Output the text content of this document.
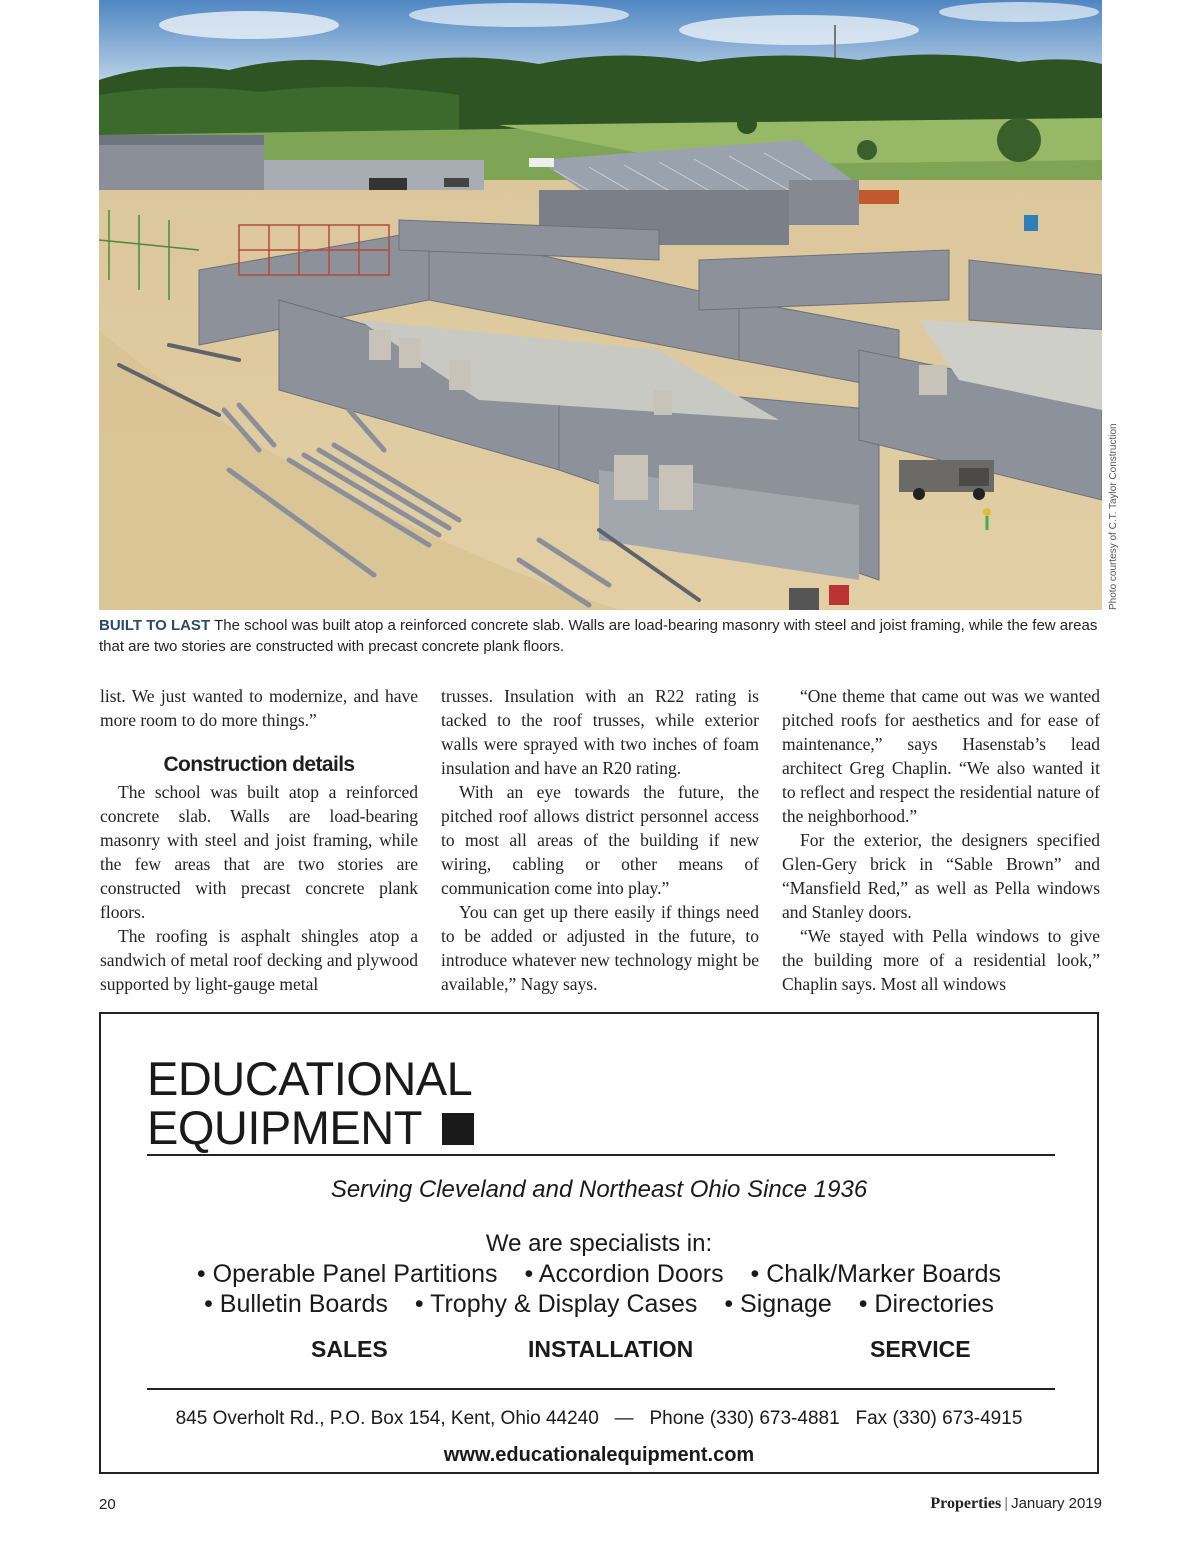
Photo courtesy of C.T. Taylor Construction
BUILT TO LAST The school was built atop a reinforced concrete slab. Walls are load-bearing masonry with steel and joist framing, while the few areas that are two stories are constructed with precast concrete plank floors.

list. We just wanted to modernize, and have more room to do more things.”

Construction details

The school was built atop a reinforced concrete slab. Walls are load-bearing masonry with steel and joist framing, while the few areas that are two stories are constructed with precast concrete plank floors.

The roofing is asphalt shingles atop a sandwich of metal roof decking and plywood supported by light-gauge metal

trusses. Insulation with an R22 rating is tacked to the roof trusses, while exterior walls were sprayed with two inches of foam insulation and have an R20 rating.

With an eye towards the future, the pitched roof allows district personnel access to most all areas of the building if new wiring, cabling or other means of communication come into play.”

You can get up there easily if things need to be added or adjusted in the future, to introduce whatever new technology might be available,” Nagy says.

“One theme that came out was we wanted pitched roofs for aesthetics and for ease of maintenance,” says Hasenstab’s lead architect Greg Chaplin. “We also wanted it to reflect and respect the residential nature of the neighborhood.”

For the exterior, the designers specified Glen-Gery brick in “Sable Brown” and “Mansfield Red,” as well as Pella windows and Stanley doors.

“We stayed with Pella windows to give the building more of a residential look,” Chaplin says. Most all windows

EDUCATIONAL
EQUIPMENT
Serving Cleveland and Northeast Ohio Since 1936
We are specialists in:
• Operable Panel Partitions • Accordion Doors • Chalk/Marker Boards
• Bulletin Boards • Trophy & Display Cases • Signage • Directories
SALES	INSTALLATION	SERVICE
845 Overholt Rd., P.O. Box 154, Kent, Ohio 44240 — Phone (330) 673-4881 Fax (330) 673-4915
www.educationalequipment.com
20	Properties | January 2019
